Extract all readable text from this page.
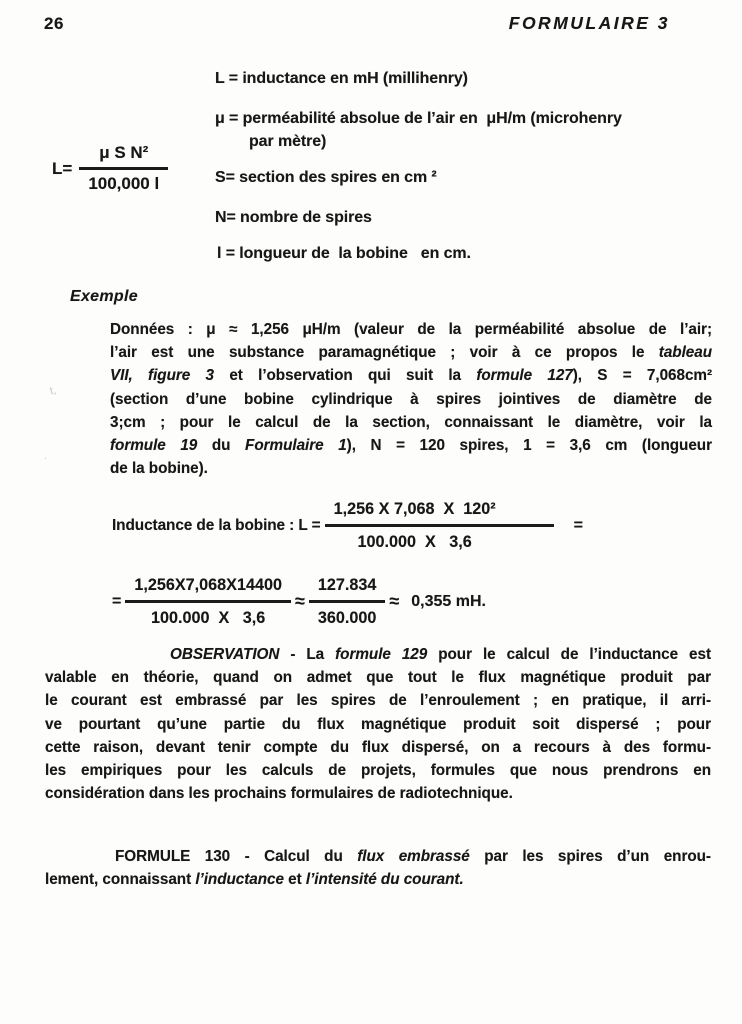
26	FORMULAIRE 3
L = inductance en mH (millihenry)
μ = perméabilité absolue de l’air en  μH/m (microhenry
par mètre)
S= section des spires en cm ²
N= nombre de spires
l = longueur de  la bobine   en cm.
$L= \frac{\text{μ S N²}}{100,000 l}$
Exemple
Données : μ ≈ 1,256 μH/m (valeur de la perméabilité absolue de l’air;
l’air est une substance paramagnétique ; voir à ce propos le tableau
VII, figure 3 et l’observation qui suit la formule 127), S = 7,068cm²
(section d’une bobine cylindrique à spires jointives de diamètre de
3;cm ; pour le calcul de la section, connaissant le diamètre, voir la
formule 19 du Formulaire 1), N = 120 spires, 1 = 3,6 cm (longueur
de la bobine).
Inductance de la bobine : $L = \frac{\text{1,256 X 7,068  X  120²}}{100.000 X 3,6}$ =
= $\frac{1,256X7,068X14400}{100.000 X 3,6} \approx \frac{127.834}{360.000} \approx 0,355$ mH.
OBSERVATION - La formule 129 pour le calcul de l’inductance est
valable en théorie, quand on admet que tout le flux magnétique produit par
le courant est embrassé par les spires de l’enroulement ; en pratique, il arri-
ve pourtant qu’une partie du flux magnétique produit soit dispersé ; pour
cette raison, devant tenir compte du flux dispersé, on a recours à des formu-
les empiriques pour les calculs de projets, formules que nous prendrons en
considération dans les prochains formulaires de radiotechnique.
FORMULE 130 - Calcul du flux embrassé par les spires d’un enrou-
lement, connaissant l’inductance et l’intensité du courant.
t,
.
